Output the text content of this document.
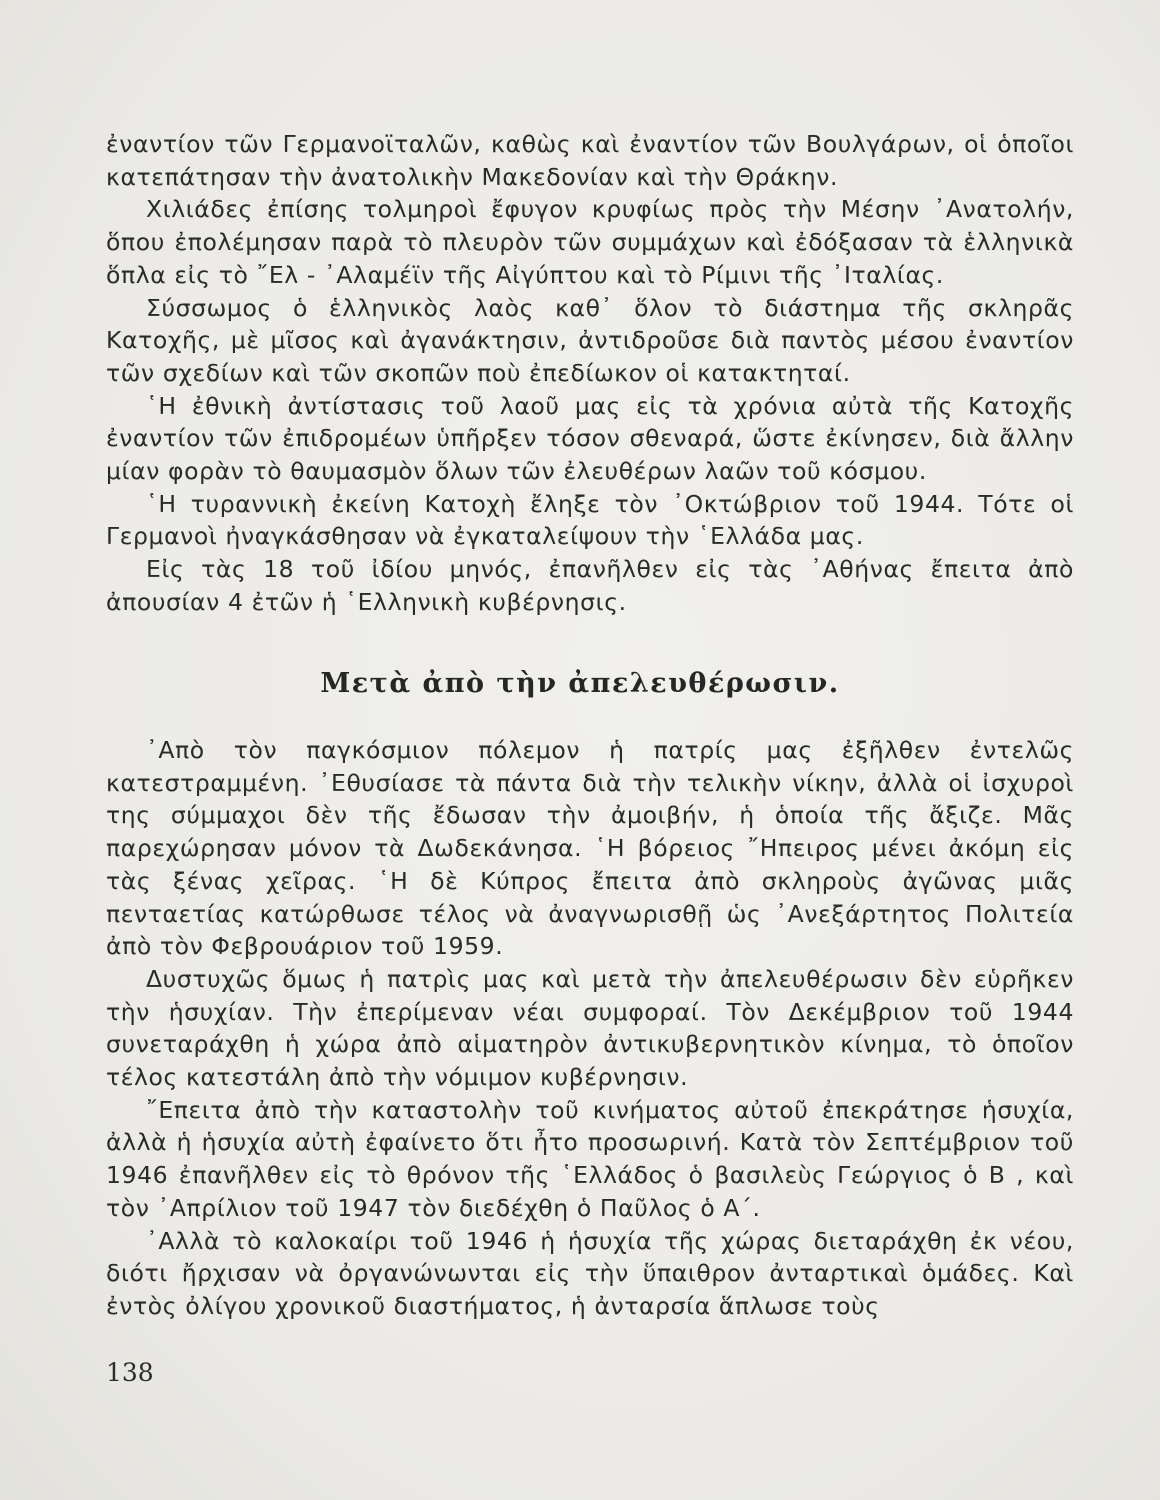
ἐναντίον τῶν Γερμανοϊταλῶν, καθὼς καὶ ἐναντίον τῶν Βουλγάρων, οἱ ὁποῖοι κατεπάτησαν τὴν ἀνατολικὴν Μακεδονίαν καὶ τὴν Θράκην.

Χιλιάδες ἐπίσης τολμηροὶ ἔφυγον κρυφίως πρὸς τὴν Μέσην ᾿Ανατολήν, ὅπου ἐπολέμησαν παρὰ τὸ πλευρὸν τῶν συμμάχων καὶ ἐδόξασαν τὰ ἑλληνικὰ ὅπλα εἰς τὸ ῎Ελ - ᾿Αλαμέϊν τῆς Αἰγύπτου καὶ τὸ Ρίμινι τῆς ᾿Ιταλίας.

Σύσσωμος ὁ ἑλληνικὸς λαὸς καθ᾿ ὅλον τὸ διάστημα τῆς σκληρᾶς Κατοχῆς, μὲ μῖσος καὶ ἀγανάκτησιν, ἀντιδροῦσε διὰ παντὸς μέσου ἐναντίον τῶν σχεδίων καὶ τῶν σκοπῶν ποὺ ἐπεδίωκον οἱ κατακτηταί.

῾Η ἐθνικὴ ἀντίστασις τοῦ λαοῦ μας εἰς τὰ χρόνια αὐτὰ τῆς Κατοχῆς ἐναντίον τῶν ἐπιδρομέων ὑπῆρξεν τόσον σθεναρά, ὥστε ἐκίνησεν, διὰ ἄλλην μίαν φορὰν τὸ θαυμασμὸν ὅλων τῶν ἐλευθέρων λαῶν τοῦ κόσμου.

῾Η τυραννικὴ ἐκείνη Κατοχὴ ἔληξε τὸν ᾿Οκτώβριον τοῦ 1944. Τότε οἱ Γερμανοὶ ἠναγκάσθησαν νὰ ἐγκαταλείψουν τὴν ῾Ελλάδα μας.

Εἰς τὰς 18 τοῦ ἰδίου μηνός, ἐπανῆλθεν εἰς τὰς ᾿Αθήνας ἔπειτα ἀπὸ ἀπουσίαν 4 ἐτῶν ἡ ῾Ελληνικὴ κυβέρνησις.

Μετὰ ἀπὸ τὴν ἀπελευθέρωσιν.

᾿Απὸ τὸν παγκόσμιον πόλεμον ἡ πατρίς μας ἐξῆλθεν ἐντελῶς κατεστραμμένη. ᾿Εθυσίασε τὰ πάντα διὰ τὴν τελικὴν νίκην, ἀλλὰ οἱ ἰσχυροὶ της σύμμαχοι δὲν τῆς ἔδωσαν τὴν ἀμοιβήν, ἡ ὁποία τῆς ἄξιζε. Μᾶς παρεχώρησαν μόνον τὰ Δωδεκάνησα. ῾Η βόρειος ῎Ηπειρος μένει ἀκόμη εἰς τὰς ξένας χεῖρας. ῾Η δὲ Κύπρος ἔπειτα ἀπὸ σκληροὺς ἀγῶνας μιᾶς πενταετίας κατώρθωσε τέλος νὰ ἀναγνωρισθῇ ὡς ᾿Ανεξάρτητος Πολιτεία ἀπὸ τὸν Φεβρουάριον τοῦ 1959.

Δυστυχῶς ὅμως ἡ πατρὶς μας καὶ μετὰ τὴν ἀπελευθέρωσιν δὲν εὑρῆκεν τὴν ἡσυχίαν. Τὴν ἐπερίμεναν νέαι συμφοραί. Τὸν Δεκέμβριον τοῦ 1944 συνεταράχθη ἡ χώρα ἀπὸ αἱματηρὸν ἀντικυβερνητικὸν κίνημα, τὸ ὁποῖον τέλος κατεστάλη ἀπὸ τὴν νόμιμον κυβέρνησιν.

῎Επειτα ἀπὸ τὴν καταστολὴν τοῦ κινήματος αὐτοῦ ἐπεκράτησε ἡσυχία, ἀλλὰ ἡ ἡσυχία αὐτὴ ἐφαίνετο ὅτι ἦτο προσωρινή. Κατὰ τὸν Σεπτέμβριον τοῦ 1946 ἐπανῆλθεν εἰς τὸ θρόνον τῆς ῾Ελλάδος ὁ βασιλεὺς Γεώργιος ὁ Β , καὶ τὸν ᾿Απρίλιον τοῦ 1947 τὸν διεδέχθη ὁ Παῦλος ὁ Α΄.

᾿Αλλὰ τὸ καλοκαίρι τοῦ 1946 ἡ ἡσυχία τῆς χώρας διεταράχθη ἐκ νέου, διότι ἤρχισαν νὰ ὀργανώνωνται εἰς τὴν ὕπαιθρον ἀνταρτικαὶ ὁμάδες. Καὶ ἐντὸς ὀλίγου χρονικοῦ διαστήματος, ἡ ἀνταρσία ἅπλωσε τοὺς

138
